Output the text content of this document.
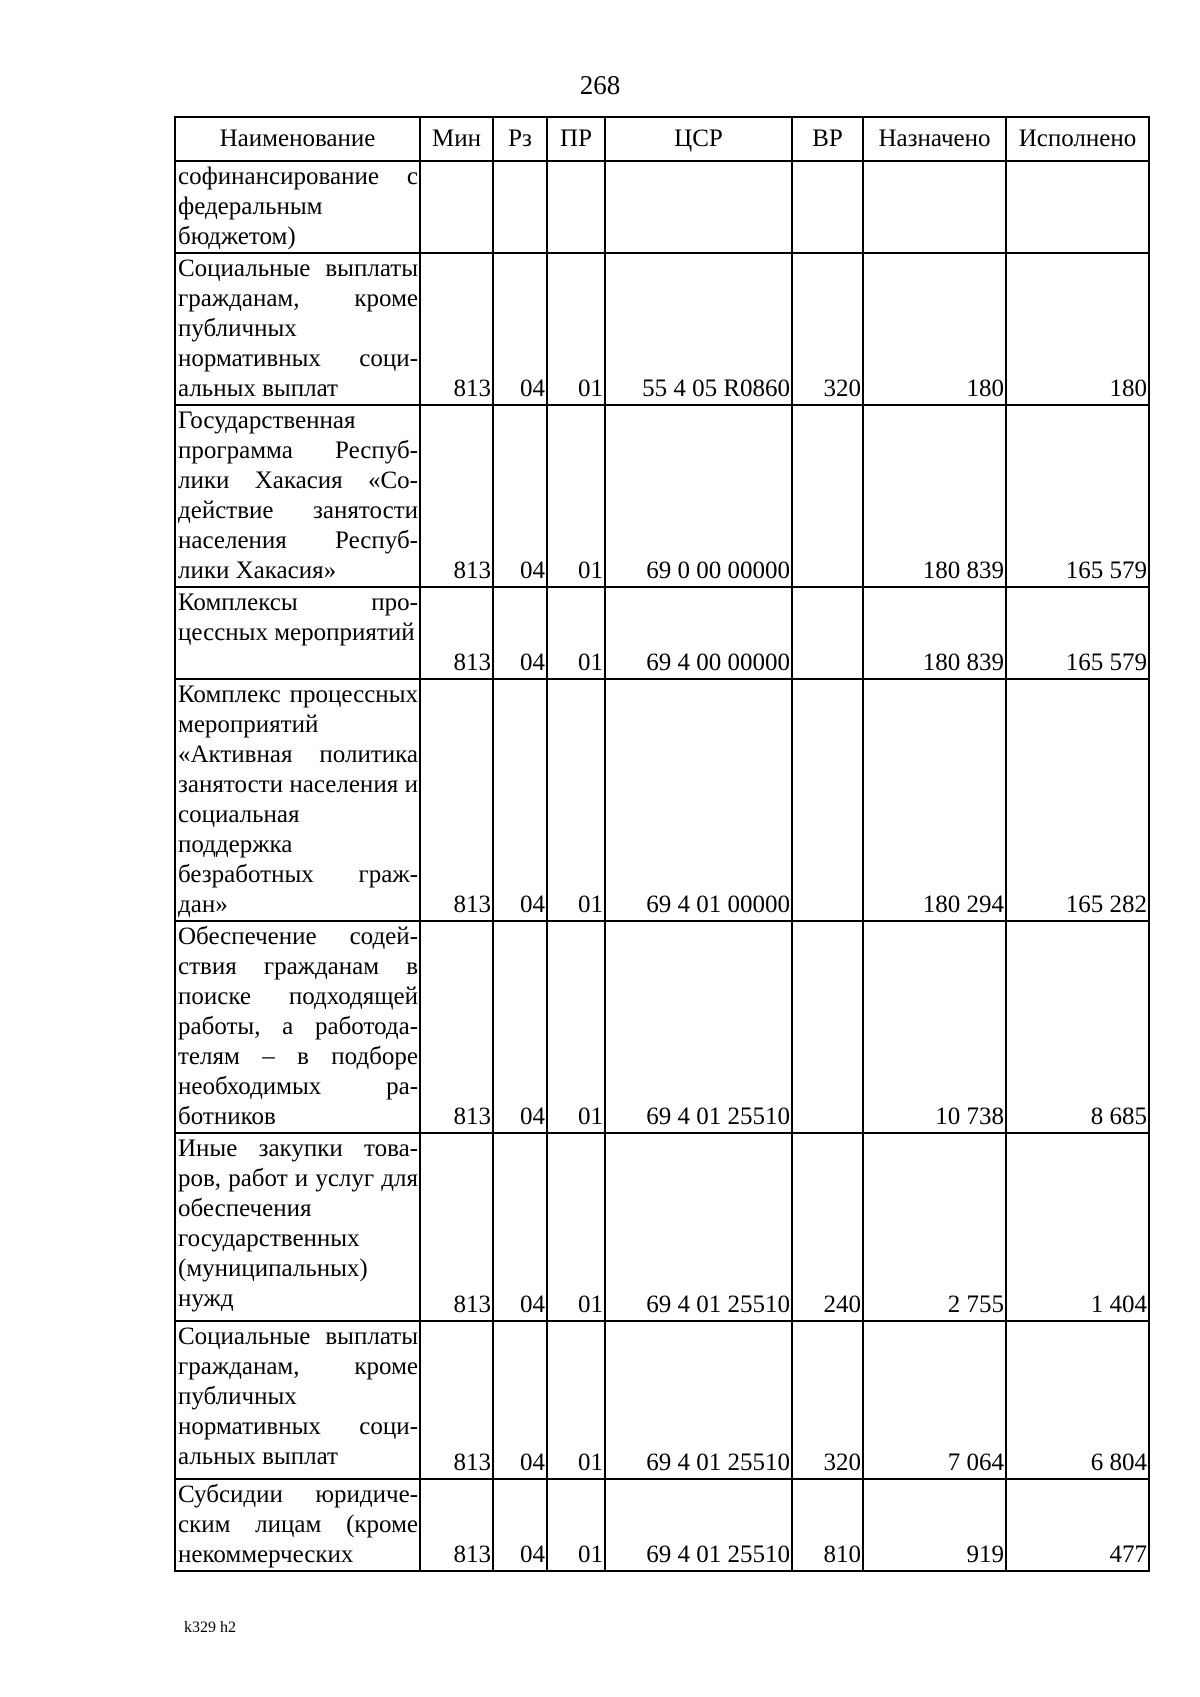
268
Наименование	Мин	Рз	ПР	ЦСР	ВР	Назначено	Исполнено
софинансирование с федеральным бюджетом)							
Социальные выплаты гражданам, кроме публичных нормативных социальных выплат	813	04	01	55 4 05 R0860	320	180	180
Государственная программа Республики Хакасия «Содействие занятости населения Республики Хакасия»	813	04	01	69 0 00 00000		180 839	165 579
Комплексы процессных мероприятий	813	04	01	69 4 00 00000		180 839	165 579
Комплекс процессных мероприятий «Активная политика занятости населения и социальная поддержка безработных граждан»	813	04	01	69 4 01 00000		180 294	165 282
Обеспечение содействия гражданам в поиске подходящей работы, а работодателям – в подборе необходимых работников	813	04	01	69 4 01 25510		10 738	8 685
Иные закупки товаров, работ и услуг для обеспечения государственных (муниципальных) нужд	813	04	01	69 4 01 25510	240	2 755	1 404
Социальные выплаты гражданам, кроме публичных нормативных социальных выплат	813	04	01	69 4 01 25510	320	7 064	6 804
Субсидии юридическим лицам (кроме некоммерческих	813	04	01	69 4 01 25510	810	919	477
k329 h2
